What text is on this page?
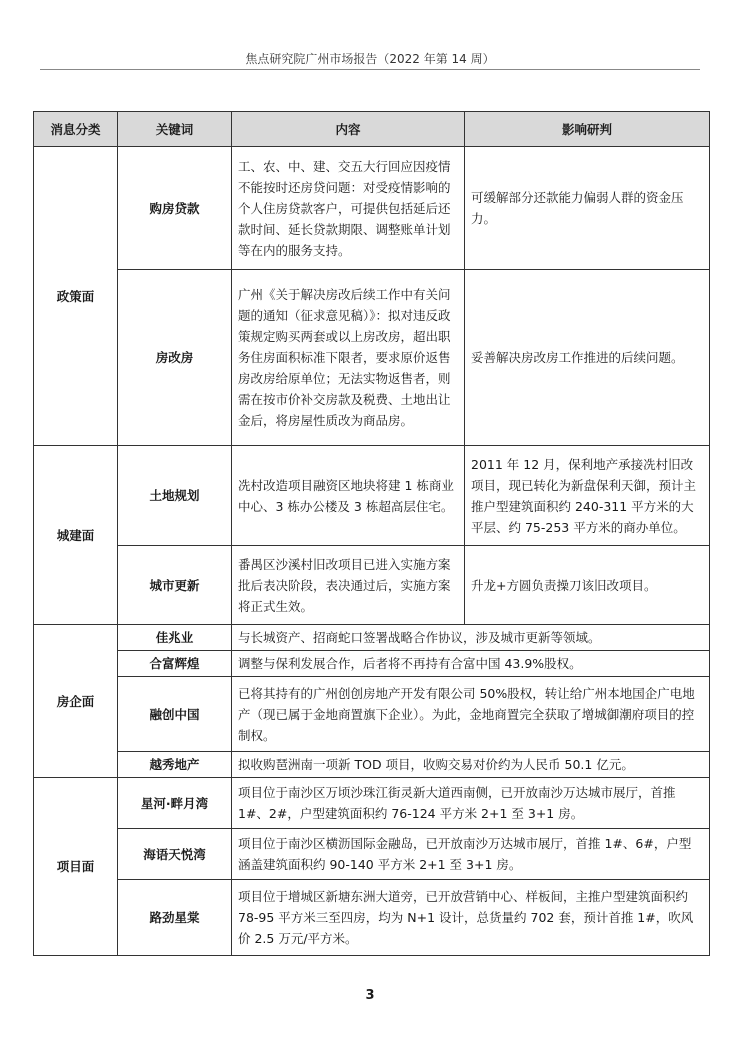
焦点研究院广州市场报告（2022 年第 14 周）
消息分类	关键词	内容	影响研判
政策面	购房贷款	工、农、中、建、交五大行回应因疫情不能按时还房贷问题：对受疫情影响的个人住房贷款客户，可提供包括延后还款时间、延长贷款期限、调整账单计划等在内的服务支持。	可缓解部分还款能力偏弱人群的资金压力。
	房改房	广州《关于解决房改后续工作中有关问题的通知（征求意见稿）》：拟对违反政策规定购买两套或以上房改房，超出职务住房面积标准下限者，要求原价返售房改房给原单位；无法实物返售者，则需在按市价补交房款及税费、土地出让金后，将房屋性质改为商品房。	妥善解决房改房工作推进的后续问题。
城建面	土地规划	冼村改造项目融资区地块将建 1 栋商业中心、3 栋办公楼及 3 栋超高层住宅。	2011 年 12 月，保利地产承接冼村旧改项目，现已转化为新盘保利天御，预计主推户型建筑面积约 240-311 平方米的大平层、约 75-253 平方米的商办单位。
	城市更新	番禺区沙溪村旧改项目已进入实施方案批后表决阶段，表决通过后，实施方案将正式生效。	升龙+方圆负责操刀该旧改项目。
房企面	佳兆业	与长城资产、招商蛇口签署战略合作协议，涉及城市更新等领域。	
	合富辉煌	调整与保利发展合作，后者将不再持有合富中国 43.9%股权。	
	融创中国	已将其持有的广州创创房地产开发有限公司 50%股权，转让给广州本地国企广电地产（现已属于金地商置旗下企业）。为此，金地商置完全获取了增城御潮府项目的控制权。	
	越秀地产	拟收购琶洲南一项新 TOD 项目，收购交易对价约为人民币 50.1 亿元。	
项目面	星河·畔月湾	项目位于南沙区万顷沙珠江街灵新大道西南侧，已开放南沙万达城市展厅，首推 1#、2#，户型建筑面积约 76-124 平方米 2+1 至 3+1 房。	
	海语天悦湾	项目位于南沙区横沥国际金融岛，已开放南沙万达城市展厅，首推 1#、6#，户型涵盖建筑面积约 90-140 平方米 2+1 至 3+1 房。	
	路劲星棠	项目位于增城区新塘东洲大道旁，已开放营销中心、样板间，主推户型建筑面积约 78-95 平方米三至四房，均为 N+1 设计，总货量约 702 套，预计首推 1#，吹风价 2.5 万元/平方米。	
3
